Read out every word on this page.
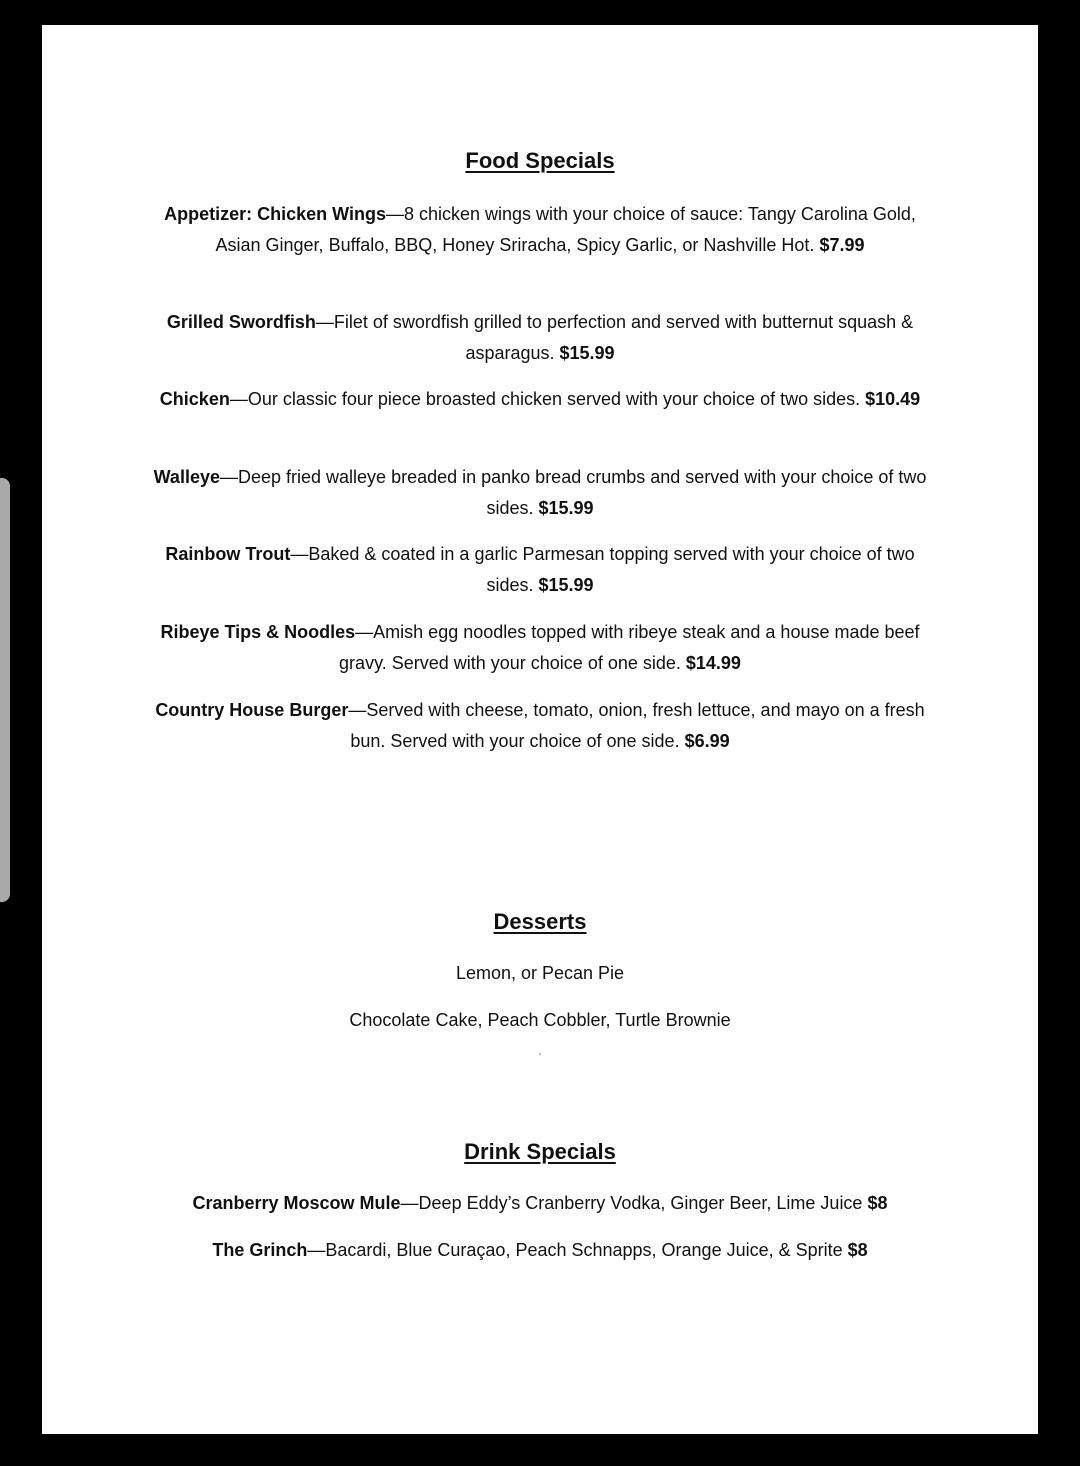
Food Specials
Appetizer: Chicken Wings—8 chicken wings with your choice of sauce: Tangy Carolina Gold, Asian Ginger, Buffalo, BBQ, Honey Sriracha, Spicy Garlic, or Nashville Hot. $7.99
Grilled Swordfish—Filet of swordfish grilled to perfection and served with butternut squash & asparagus. $15.99
Chicken—Our classic four piece broasted chicken served with your choice of two sides. $10.49
Walleye—Deep fried walleye breaded in panko bread crumbs and served with your choice of two sides. $15.99
Rainbow Trout—Baked & coated in a garlic Parmesan topping served with your choice of two sides. $15.99
Ribeye Tips & Noodles—Amish egg noodles topped with ribeye steak and a house made beef gravy. Served with your choice of one side. $14.99
Country House Burger—Served with cheese, tomato, onion, fresh lettuce, and mayo on a fresh bun. Served with your choice of one side. $6.99
Desserts
Lemon, or Pecan Pie
Chocolate Cake, Peach Cobbler, Turtle Brownie
Drink Specials
Cranberry Moscow Mule—Deep Eddy’s Cranberry Vodka, Ginger Beer, Lime Juice $8
The Grinch—Bacardi, Blue Curaçao, Peach Schnapps, Orange Juice, & Sprite $8
